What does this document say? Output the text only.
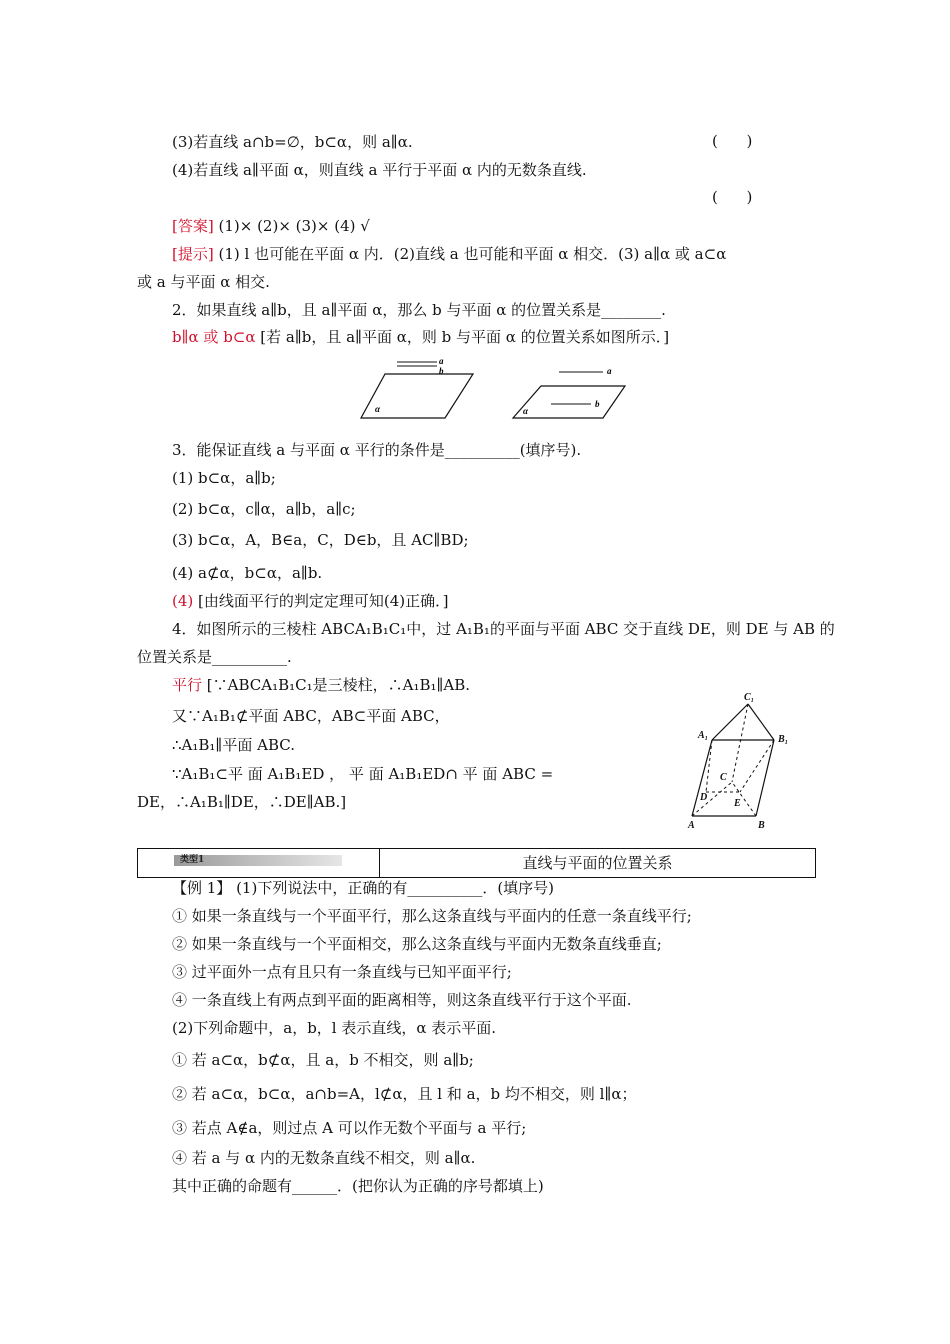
(3)若直线 a∩b=∅，b⊂α，则 a∥α.	(      )
(4)若直线 a∥平面 α，则直线 a 平行于平面 α 内的无数条直线.
(      )
[答案] (1)× (2)× (3)× (4) √
[提示] (1) l 也可能在平面 α 内．(2)直线 a 也可能和平面 α 相交．(3) a∥α 或 a⊂α
或 a 与平面 α 相交.
2．如果直线 a∥b，且 a∥平面 α，那么 b 与平面 α 的位置关系是________.
b∥α 或 b⊂α [若 a∥b，且 a∥平面 α，则 b 与平面 α 的位置关系如图所示．]
a
b
α
a
b
α
3．能保证直线 a 与平面 α 平行的条件是__________(填序号).
(1) b⊂α，a∥b;
(2) b⊂α，c∥α，a∥b，a∥c;
(3) b⊂α，A，B∈a，C，D∈b，且 AC∥BD;
(4) a⊄α，b⊂α，a∥b.
(4) [由线面平行的判定定理可知(4)正确．]
4．如图所示的三棱柱 ABCA₁B₁C₁中，过 A₁B₁的平面与平面 ABC 交于直线 DE，则 DE 与 AB 的
位置关系是__________.
平行 [∵ABCA₁B₁C₁是三棱柱，∴A₁B₁∥AB.
又∵A₁B₁⊄平面 ABC，AB⊂平面 ABC，
∴A₁B₁∥平面 ABC.
∵A₁B₁⊂平 面 A₁B₁ED ， 平 面 A₁B₁ED∩ 平 面 ABC =
DE，∴A₁B₁∥DE，∴DE∥AB.]
C₁
A₁	B₁
C
D
E
A	B
类型1	直线与平面的位置关系
【例 1】 (1)下列说法中，正确的有__________．(填序号)
① 如果一条直线与一个平面平行，那么这条直线与平面内的任意一条直线平行;
② 如果一条直线与一个平面相交，那么这条直线与平面内无数条直线垂直;
③ 过平面外一点有且只有一条直线与已知平面平行;
④ 一条直线上有两点到平面的距离相等，则这条直线平行于这个平面.
(2)下列命题中，a，b，l 表示直线，α 表示平面.
① 若 a⊂α，b⊄α，且 a，b 不相交，则 a∥b;
② 若 a⊂α，b⊂α，a∩b=A，l⊄α，且 l 和 a，b 均不相交，则 l∥α；
③ 若点 A∉a，则过点 A 可以作无数个平面与 a 平行;
④ 若 a 与 α 内的无数条直线不相交，则 a∥α.
其中正确的命题有______．(把你认为正确的序号都填上)
